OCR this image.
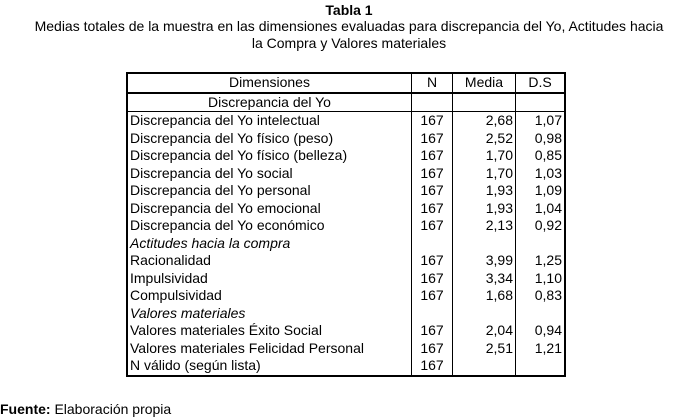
Tabla 1
Medias totales de la muestra en las dimensiones evaluadas para discrepancia del Yo, Actitudes hacia
la Compra y Valores materiales
Dimensiones	N	Media	D.S
Discrepancia del Yo			
Discrepancia del Yo intelectual	167	2,68	1,07
Discrepancia del Yo físico (peso)	167	2,52	0,98
Discrepancia del Yo físico (belleza)	167	1,70	0,85
Discrepancia del Yo social	167	1,70	1,03
Discrepancia del Yo personal	167	1,93	1,09
Discrepancia del Yo emocional	167	1,93	1,04
Discrepancia del Yo económico	167	2,13	0,92
Actitudes hacia la compra			
Racionalidad	167	3,99	1,25
Impulsividad	167	3,34	1,10
Compulsividad	167	1,68	0,83
Valores materiales			
Valores materiales Éxito Social	167	2,04	0,94
Valores materiales Felicidad Personal	167	2,51	1,21
N válido (según lista)	167		
Fuente: Elaboración propia
